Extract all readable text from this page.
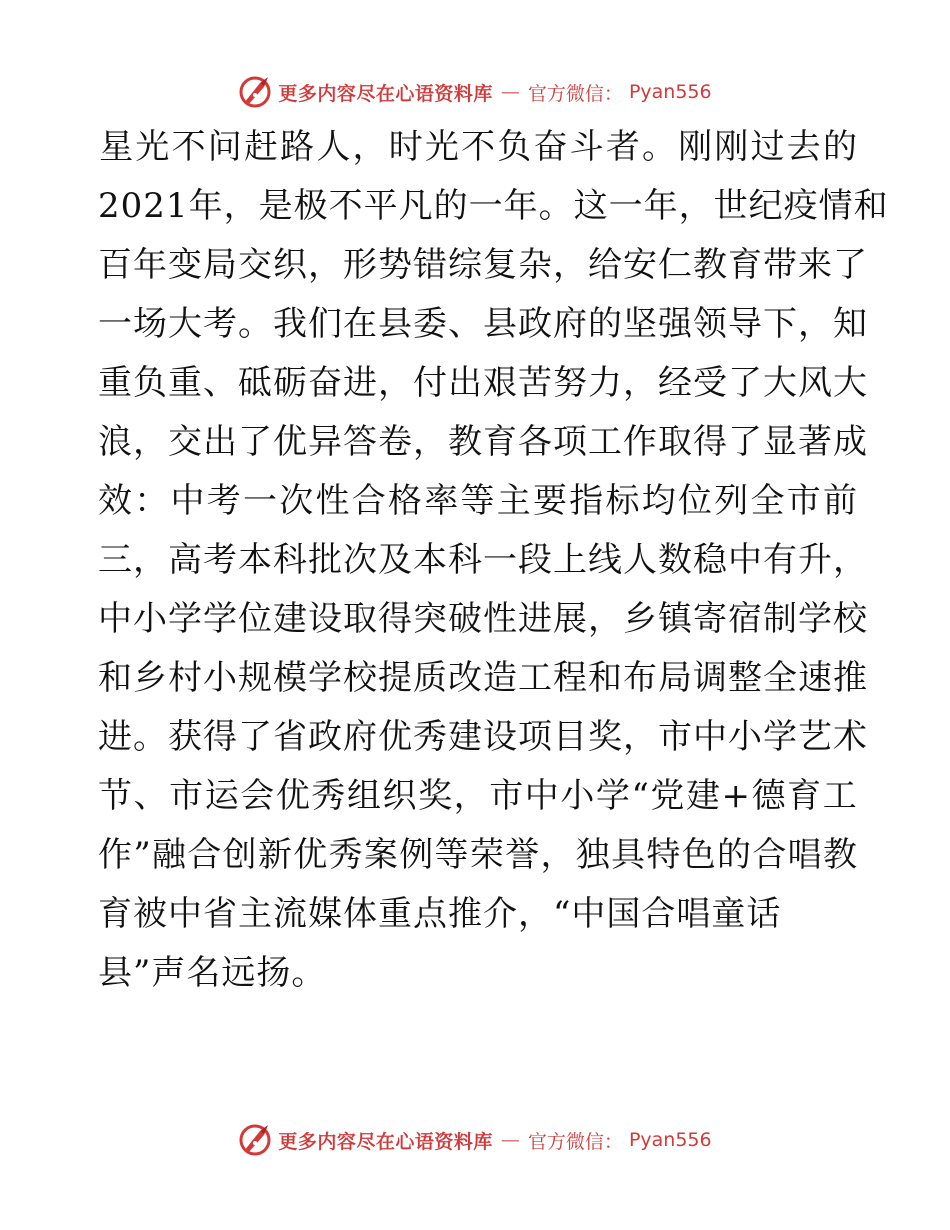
更多内容尽在心语资料库 — 官方微信： Pyan556
星 光 不 问 赶 路 人 ， 时 光 不 负 奋 斗 者 。 刚 刚 过 去 的
2 0 2 1 年 ， 是 极 不 平 凡 的 一 年 。 这 一 年 ， 世 纪 疫 情 和
百 年 变 局 交 织 ， 形 势 错 综 复 杂 ， 给 安 仁 教 育 带 来 了
一 场 大 考 。 我 们 在 县 委 、 县 政 府 的 坚 强 领 导 下 ， 知
重 负 重 、 砥 砺 奋 进 ， 付 出 艰 苦 努 力 ， 经 受 了 大 风 大
浪 ， 交 出 了 优 异 答 卷 ， 教 育 各 项 工 作 取 得 了 显 著 成
效 ： 中 考 一 次 性 合 格 率 等 主 要 指 标 均 位 列 全 市 前
三 ， 高 考 本 科 批 次 及 本 科 一 段 上 线 人 数 稳 中 有 升 ，
中 小 学 学 位 建 设 取 得 突 破 性 进 展 ， 乡 镇 寄 宿 制 学 校
和 乡 村 小 规 模 学 校 提 质 改 造 工 程 和 布 局 调 整 全 速 推
进 。 获 得 了 省 政 府 优 秀 建 设 项 目 奖 ， 市 中 小 学 艺 术
节 、 市 运 会 优 秀 组 织 奖 ， 市 中 小 学 “ 党 建 + 德 育 工
作 ” 融 合 创 新 优 秀 案 例 等 荣 誉 ， 独 具 特 色 的 合 唱 教
育被中省主流媒体重点推介，“中国合唱童话
县”声名远扬。
更多内容尽在心语资料库 — 官方微信： Pyan556
